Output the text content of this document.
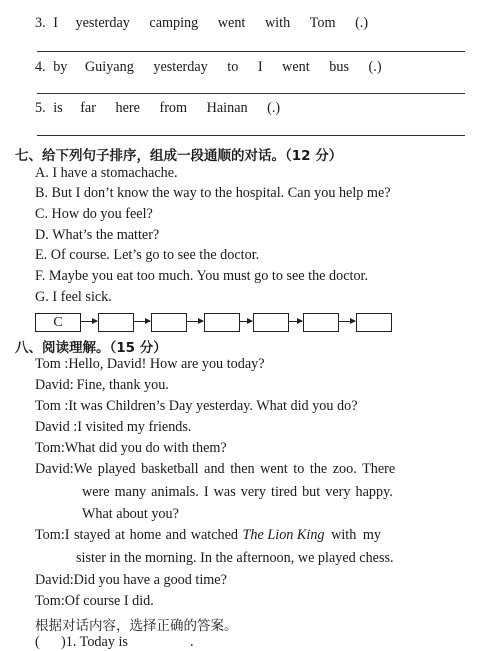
3. I yesterday camping went with Tom (.)
4. by Guiyang yesterday to I went bus (.)
5. is far here from Hainan (.)
七、给下列句子排序，组成一段通顺的对话。（12 分）
A. I have a stomachache.
B. But I don’t know the way to the hospital. Can you help me?
C. How do you feel?
D. What’s the matter?
E. Of course. Let’s go to see the doctor.
F. Maybe you eat too much. You must go to see the doctor.
G. I feel sick.
C
八、阅读理解。（15 分）
Tom :Hello, David! How are you today?
David: Fine, thank you.
Tom :It was Children’s Day yesterday. What did you do?
David :I visited my friends.
Tom:What did you do with them?
David:We played basketball and then went to the zoo. There
were many animals. I was very tired but very happy.
What about you?
Tom:I stayed at home and watched The Lion King with my
sister in the morning. In the afternoon, we played chess.
David:Did you have a good time?
Tom:Of course I did.
根据对话内容，选择正确的答案。
(      )1. Today is	.
